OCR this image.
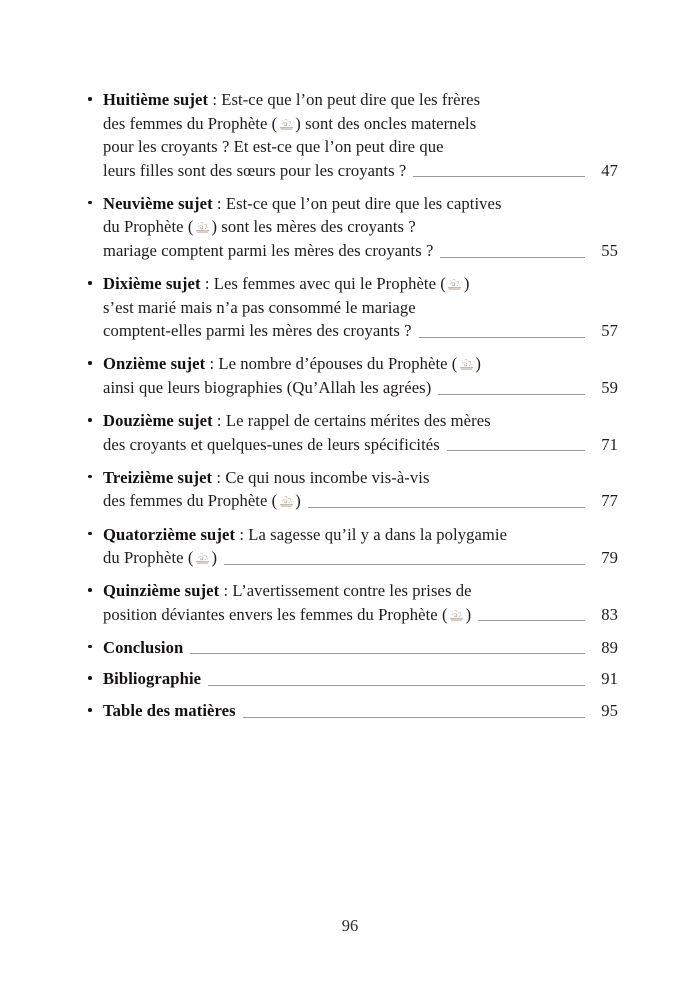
Huitième sujet : Est-ce que l’on peut dire que les frères
des femmes du Prophète ( ) sont des oncles maternels
pour les croyants ? Et est-ce que l’on peut dire que
leurs filles sont des sœurs pour les croyants ?	47
Neuvième sujet : Est-ce que l’on peut dire que les captives
du Prophète ( ) sont les mères des croyants ?
mariage comptent parmi les mères des croyants ?	55
Dixième sujet : Les femmes avec qui le Prophète ( )
s’est marié mais n’a pas consommé le mariage
comptent-elles parmi les mères des croyants ?	57
Onzième sujet : Le nombre d’épouses du Prophète ( )
ainsi que leurs biographies (Qu’Allah les agrées)	59
Douzième sujet : Le rappel de certains mérites des mères
des croyants et quelques-unes de leurs spécificités	71
Treizième sujet : Ce qui nous incombe vis-à-vis
des femmes du Prophète ( )	77
Quatorzième sujet : La sagesse qu’il y a dans la polygamie
du Prophète ( )	79
Quinzième sujet : L’avertissement contre les prises de
position déviantes envers les femmes du Prophète ( )	83
Conclusion	89
Bibliographie	91
Table des matières	95
96
